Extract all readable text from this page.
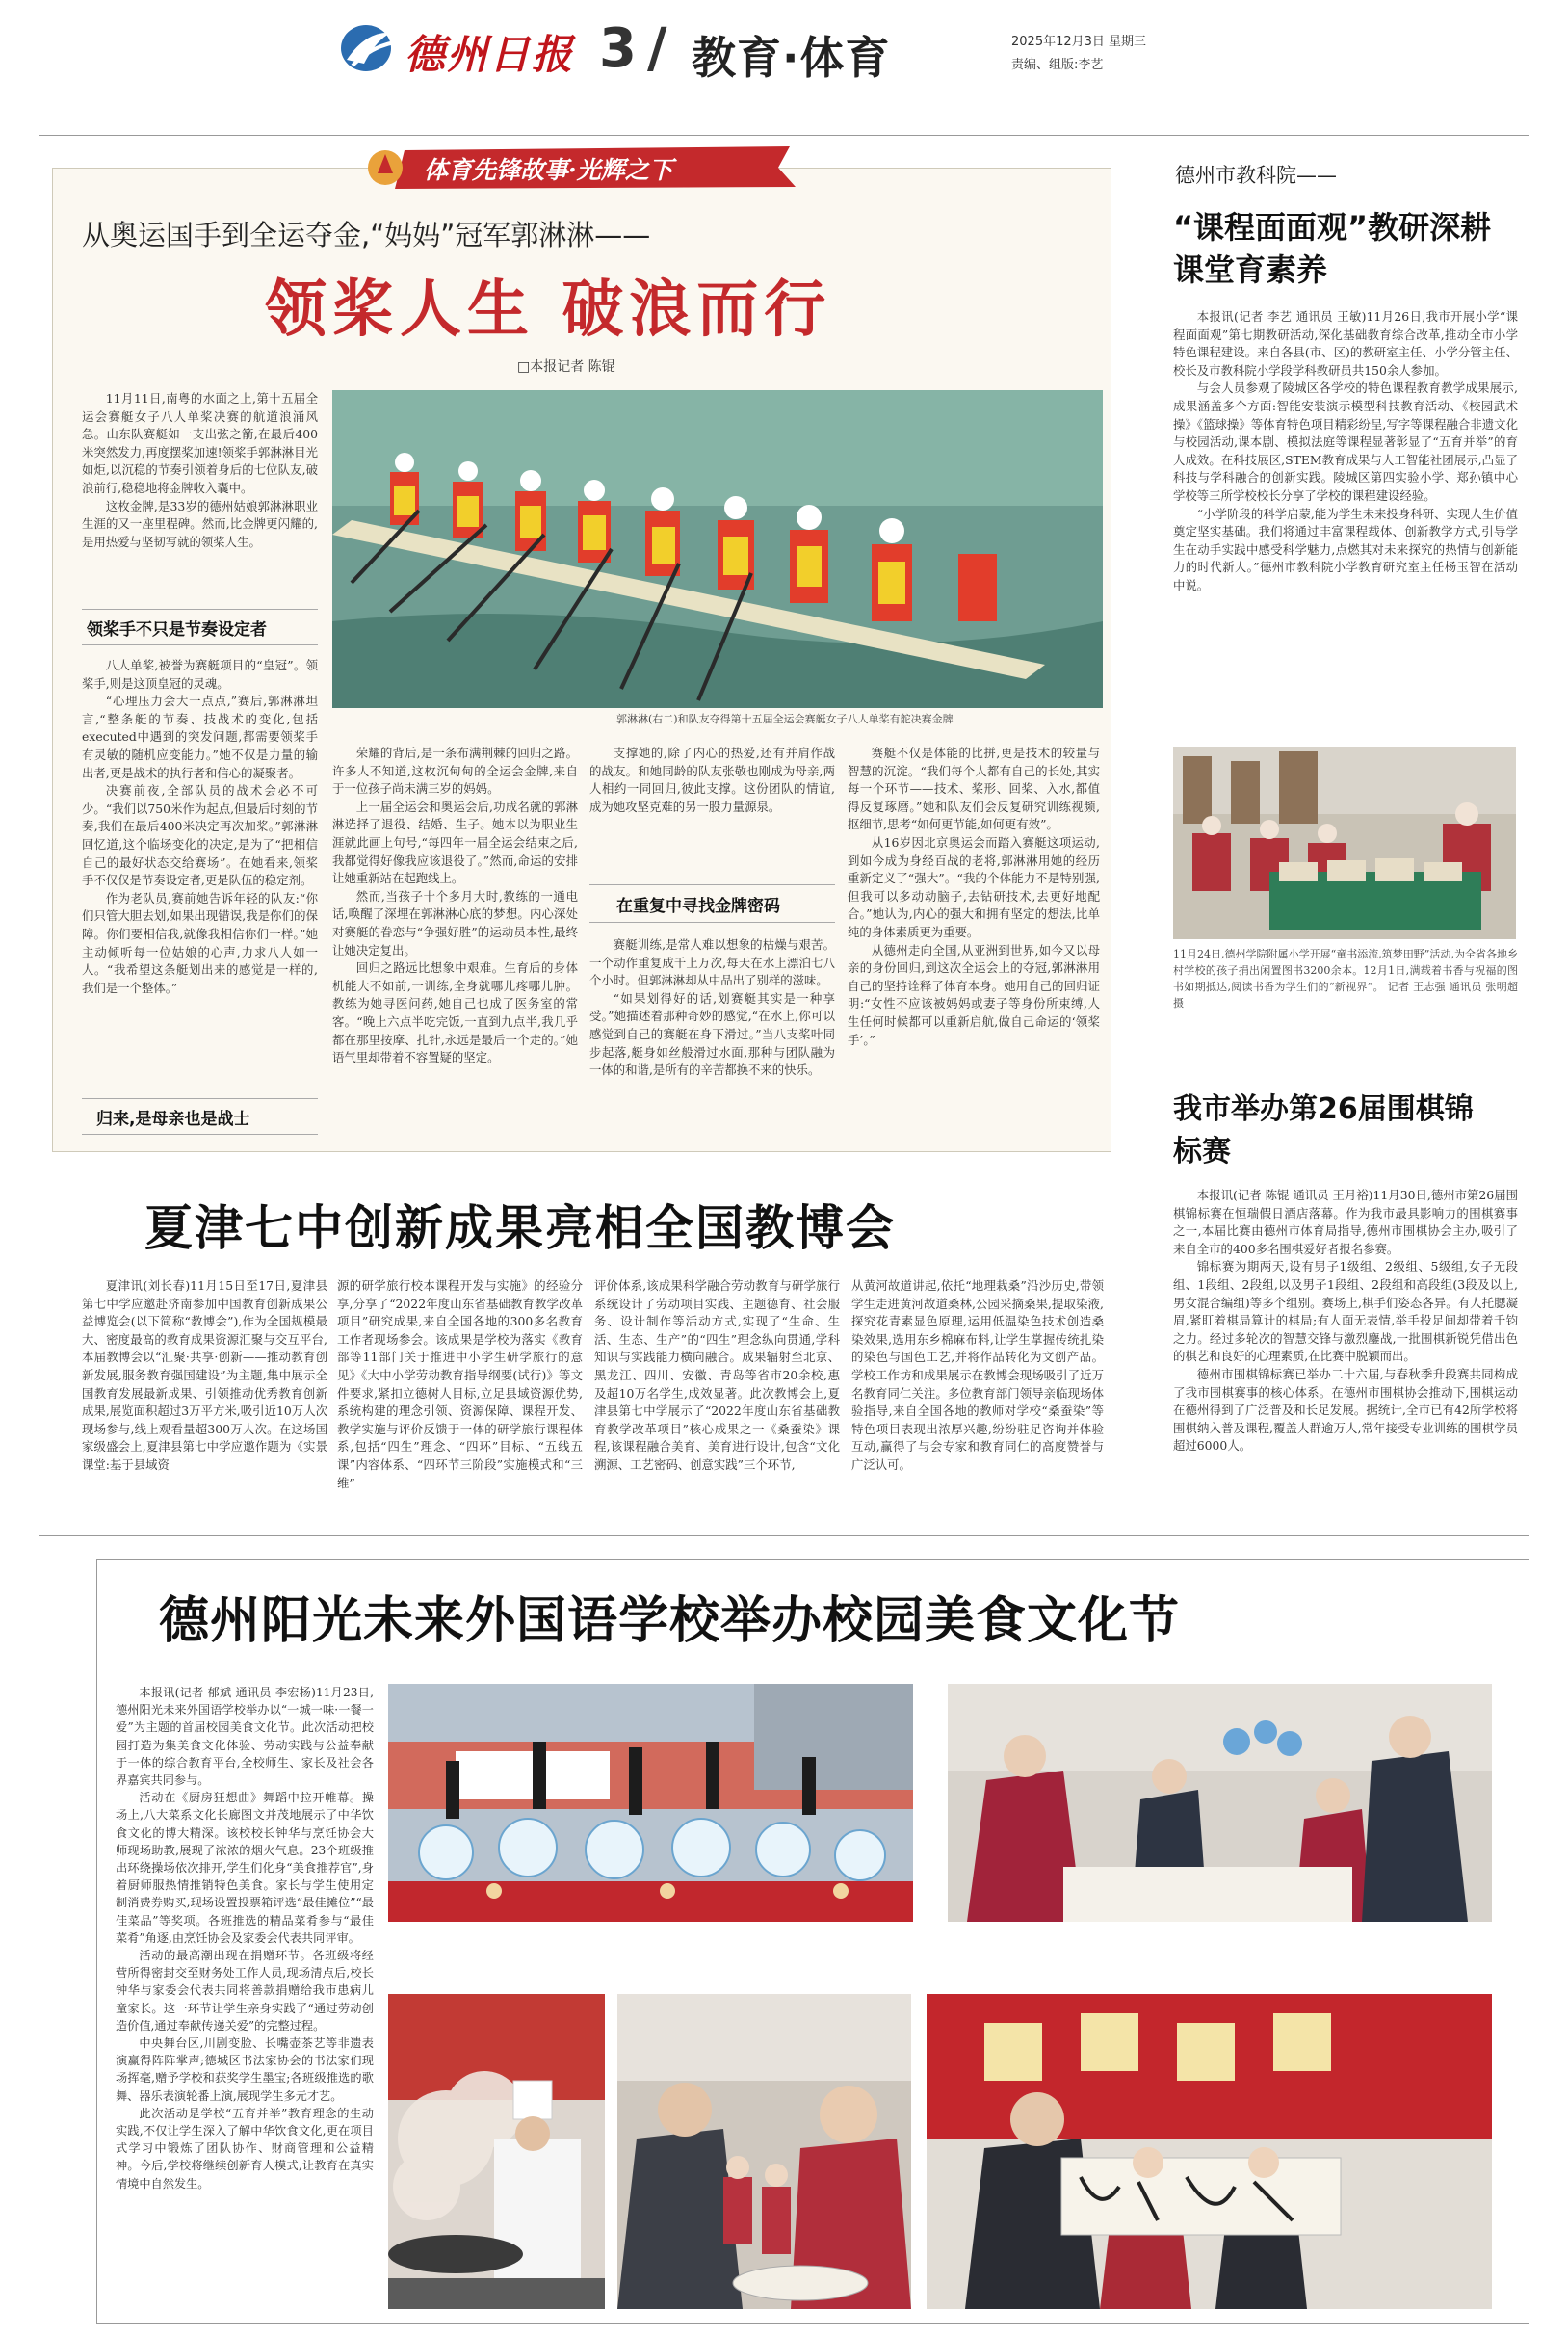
德州日报 3 / 教育·体育	2025年12月3日 星期三
责编、组版:李艺
体育先锋故事·光辉之下
从奥运国手到全运夺金,“妈妈”冠军郭淋淋——
领桨人生 破浪而行
□本报记者 陈锟
郭淋淋(右二)和队友夺得第十五届全运会赛艇女子八人单桨有舵决赛金牌

11月11日,南粤的水面之上,第十五届全运会赛艇女子八人单桨决赛的航道浪涌风急。山东队赛艇如一支出弦之箭,在最后400米突然发力,再度摆桨加速!领桨手郭淋淋目光如炬,以沉稳的节奏引领着身后的七位队友,破浪前行,稳稳地将金牌收入囊中。

这枚金牌,是33岁的德州姑娘郭淋淋职业生涯的又一座里程碑。然而,比金牌更闪耀的,是用热爱与坚韧写就的领桨人生。

领桨手不只是节奏设定者

八人单桨,被誉为赛艇项目的“皇冠”。领桨手,则是这顶皇冠的灵魂。

“心理压力会大一点点,”赛后,郭淋淋坦言,“整条艇的节奏、技战术的变化,包括executed中遇到的突发问题,都需要领桨手有灵敏的随机应变能力。”她不仅是力量的输出者,更是战术的执行者和信心的凝聚者。

决赛前夜,全部队员的战术会必不可少。“我们以750米作为起点,但最后时刻的节奏,我们在最后400米决定再次加桨。”郭淋淋回忆道,这个临场变化的决定,是为了“把相信自己的最好状态交给赛场”。在她看来,领桨手不仅仅是节奏设定者,更是队伍的稳定剂。

作为老队员,赛前她告诉年轻的队友:“你们只管大胆去划,如果出现错误,我是你们的保障。你们要相信我,就像我相信你们一样。”她主动倾听每一位姑娘的心声,力求八人如一人。“我希望这条艇划出来的感觉是一样的,我们是一个整体。”

归来,是母亲也是战士

荣耀的背后,是一条布满荆棘的回归之路。许多人不知道,这枚沉甸甸的全运会金牌,来自于一位孩子尚未满三岁的妈妈。

上一届全运会和奥运会后,功成名就的郭淋淋选择了退役、结婚、生子。她本以为职业生涯就此画上句号,“每四年一届全运会结束之后,我都觉得好像我应该退役了。”然而,命运的安排让她重新站在起跑线上。

然而,当孩子十个多月大时,教练的一通电话,唤醒了深埋在郭淋淋心底的梦想。内心深处对赛艇的眷恋与“争强好胜”的运动员本性,最终让她决定复出。

回归之路远比想象中艰难。生育后的身体机能大不如前,一训练,全身就哪儿疼哪儿肿。教练为她寻医问药,她自己也成了医务室的常客。“晚上六点半吃完饭,一直到九点半,我几乎都在那里按摩、扎针,永远是最后一个走的。”她语气里却带着不容置疑的坚定。

支撑她的,除了内心的热爱,还有并肩作战的战友。和她同龄的队友张敬也刚成为母亲,两人相约一同回归,彼此支撑。这份团队的情谊,成为她攻坚克难的另一股力量源泉。

在重复中寻找金牌密码

赛艇训练,是常人难以想象的枯燥与艰苦。一个动作重复成千上万次,每天在水上漂泊七八个小时。但郭淋淋却从中品出了别样的滋味。

“如果划得好的话,划赛艇其实是一种享受。”她描述着那种奇妙的感觉,“在水上,你可以感觉到自己的赛艇在身下滑过。”当八支桨叶同步起落,艇身如丝般滑过水面,那种与团队融为一体的和谐,是所有的辛苦都换不来的快乐。

赛艇不仅是体能的比拼,更是技术的较量与智慧的沉淀。“我们每个人都有自己的长处,其实每一个环节——技术、桨形、回桨、入水,都值得反复琢磨。”她和队友们会反复研究训练视频,抠细节,思考“如何更节能,如何更有效”。

从16岁因北京奥运会而踏入赛艇这项运动,到如今成为身经百战的老将,郭淋淋用她的经历重新定义了“强大”。“我的个体能力不是特别强,但我可以多动动脑子,去钻研技术,去更好地配合。”她认为,内心的强大和拥有坚定的想法,比单纯的身体素质更为重要。

从德州走向全国,从亚洲到世界,如今又以母亲的身份回归,到这次全运会上的夺冠,郭淋淋用自己的坚持诠释了体育本身。她用自己的回归证明:“女性不应该被妈妈或妻子等身份所束缚,人生任何时候都可以重新启航,做自己命运的‘领桨手’。”

德州市教科院——
“课程面面观”教研深耕课堂育素养

本报讯(记者 李艺 通讯员 王敏)11月26日,我市开展小学“课程面面观”第七期教研活动,深化基础教育综合改革,推动全市小学特色课程建设。来自各县(市、区)的教研室主任、小学分管主任、校长及市教科院小学段学科教研员共150余人参加。

与会人员参观了陵城区各学校的特色课程教育教学成果展示,成果涵盖多个方面:智能安装演示模型科技教育活动、《校园武术操》《篮球操》等体育特色项目精彩纷呈,写字等课程融合非遗文化与校园活动,课本剧、模拟法庭等课程显著彰显了“五育并举”的育人成效。在科技展区,STEM教育成果与人工智能社团展示,凸显了科技与学科融合的创新实践。陵城区第四实验小学、郑孙镇中心学校等三所学校校长分享了学校的课程建设经验。

“小学阶段的科学启蒙,能为学生未来投身科研、实现人生价值奠定坚实基础。我们将通过丰富课程载体、创新教学方式,引导学生在动手实践中感受科学魅力,点燃其对未来探究的热情与创新能力的时代新人。”德州市教科院小学教育研究室主任杨玉智在活动中说。

11月24日,德州学院附属小学开展“童书添流,筑梦田野”活动,为全省各地乡村学校的孩子捐出闲置图书3200余本。12月1日,满载着书香与祝福的图书如期抵达,阅读书香为学生们的“新视界”。 记者 王志强 通讯员 张明超 摄
我市举办第26届围棋锦标赛

本报讯(记者 陈锟 通讯员 王月裕)11月30日,德州市第26届围棋锦标赛在恒瑞假日酒店落幕。作为我市最具影响力的围棋赛事之一,本届比赛由德州市体育局指导,德州市围棋协会主办,吸引了来自全市的400多名围棋爱好者报名参赛。

锦标赛为期两天,设有男子1级组、2级组、5级组,女子无段组、1段组、2段组,以及男子1段组、2段组和高段组(3段及以上,男女混合编组)等多个组别。赛场上,棋手们姿态各异。有人托腮凝眉,紧盯着棋局算计的棋局;有人面无表情,举手投足间却带着千钧之力。经过多轮次的智慧交锋与激烈鏖战,一批围棋新锐凭借出色的棋艺和良好的心理素质,在比赛中脱颖而出。

德州市围棋锦标赛已举办二十六届,与春秋季升段赛共同构成了我市围棋赛事的核心体系。在德州市围棋协会推动下,围棋运动在德州得到了广泛普及和长足发展。据统计,全市已有42所学校将围棋纳入普及课程,覆盖人群逾万人,常年接受专业训练的围棋学员超过6000人。

夏津七中创新成果亮相全国教博会
夏津讯(刘长春)11月15日至17日,夏津县第七中学应邀赴济南参加中国教育创新成果公益博览会(以下简称“教博会”),作为全国规模最大、密度最高的教育成果资源汇聚与交互平台,本届教博会以“汇聚·共享·创新——推动教育创新发展,服务教育强国建设”为主题,集中展示全国教育发展最新成果、引领推动优秀教育创新成果,展览面积超过3万平方米,吸引近10万人次现场参与,线上观看量超300万人次。在这场国家级盛会上,夏津县第七中学应邀作题为《实景课堂:基于县域资
源的研学旅行校本课程开发与实施》的经验分享,分享了“2022年度山东省基础教育教学改革项目”研究成果,来自全国各地的300多名教育工作者现场参会。该成果是学校为落实《教育部等11部门关于推进中小学生研学旅行的意见》《大中小学劳动教育指导纲要(试行)》等文件要求,紧扣立德树人目标,立足县域资源优势,系统构建的理念引领、资源保障、课程开发、教学实施与评价反馈于一体的研学旅行课程体系,包括“四生”理念、“四环”目标、“五线五课”内容体系、“四环节三阶段”实施模式和“三维”
评价体系,该成果科学融合劳动教育与研学旅行系统设计了劳动项目实践、主题德育、社会服务、设计制作等活动方式,实现了“生命、生活、生态、生产”的“四生”理念纵向贯通,学科知识与实践能力横向融合。成果辐射至北京、黑龙江、四川、安徽、青岛等省市20余校,惠及超10万名学生,成效显著。此次教博会上,夏津县第七中学展示了“2022年度山东省基础教育教学改革项目”核心成果之一《桑蚕染》课程,该课程融合美育、美育进行设计,包含“文化溯源、工艺密码、创意实践”三个环节,
从黄河故道讲起,依托“地理栽桑”沿沙历史,带领学生走进黄河故道桑林,公园采摘桑果,提取染液,探究花青素显色原理,运用低温染色技术创造桑染效果,选用东乡棉麻布料,让学生掌握传统扎染的染色与国色工艺,并将作品转化为文创产品。学校工作坊和成果展示在教博会现场吸引了近万名教育同仁关注。多位教育部门领导亲临现场体验指导,来自全国各地的教师对学校“桑蚕染”等特色项目表现出浓厚兴趣,纷纷驻足咨询并体验互动,赢得了与会专家和教育同仁的高度赞誉与广泛认可。
德州阳光未来外国语学校举办校园美食文化节

本报讯(记者 郁斌 通讯员 李宏杨)11月23日,德州阳光未来外国语学校举办以“一城一味·一餐一爱”为主题的首届校园美食文化节。此次活动把校园打造为集美食文化体验、劳动实践与公益奉献于一体的综合教育平台,全校师生、家长及社会各界嘉宾共同参与。

活动在《厨房狂想曲》舞蹈中拉开帷幕。操场上,八大菜系文化长廊图文并茂地展示了中华饮食文化的博大精深。该校校长钟华与烹饪协会大师现场助教,展现了浓浓的烟火气息。23个班级推出环绕操场依次排开,学生们化身“美食推荐官”,身着厨师服热情推销特色美食。家长与学生使用定制消费券购买,现场设置投票箱评选“最佳摊位”“最佳菜品”等奖项。各班推选的精品菜肴参与“最佳菜肴”角逐,由烹饪协会及家委会代表共同评审。

活动的最高潮出现在捐赠环节。各班级将经营所得密封交至财务处工作人员,现场清点后,校长钟华与家委会代表共同将善款捐赠给我市患病儿童家长。这一环节让学生亲身实践了“通过劳动创造价值,通过奉献传递关爱”的完整过程。

中央舞台区,川剧变脸、长嘴壶茶艺等非遗表演赢得阵阵掌声;德城区书法家协会的书法家们现场挥毫,赠予学校和获奖学生墨宝;各班级推选的歌舞、器乐表演轮番上演,展现学生多元才艺。

此次活动是学校“五育并举”教育理念的生动实践,不仅让学生深入了解中华饮食文化,更在项目式学习中锻炼了团队协作、财商管理和公益精神。今后,学校将继续创新育人模式,让教育在真实情境中自然发生。
